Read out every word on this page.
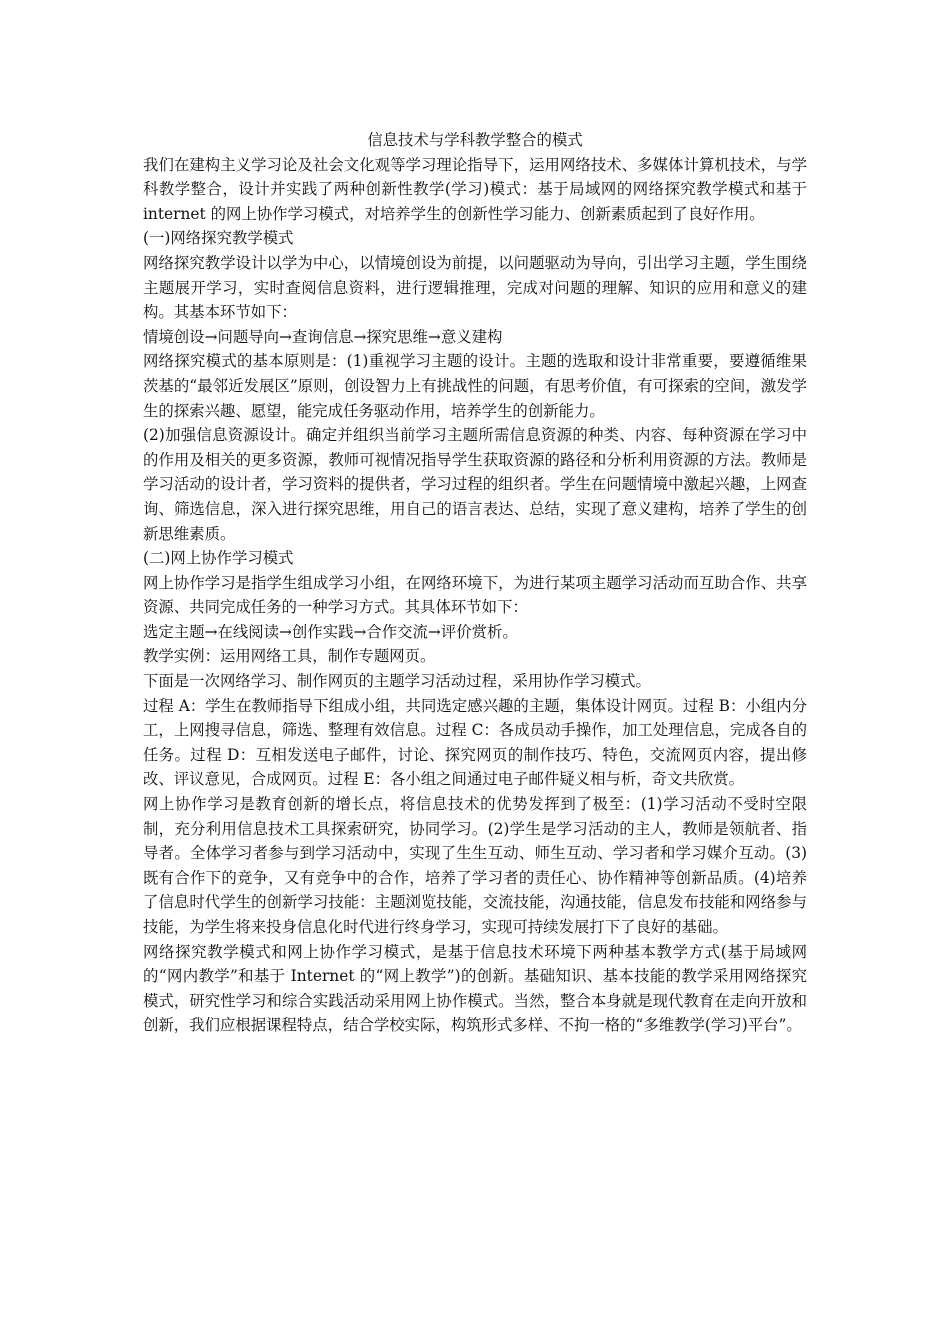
信息技术与学科教学整合的模式

我们在建构主义学习论及社会文化观等学习理论指导下，运用网络技术、多媒体计算机技术，与学科教学整合，设计并实践了两种创新性教学(学习)模式：基于局域网的网络探究教学模式和基于 internet 的网上协作学习模式，对培养学生的创新性学习能力、创新素质起到了良好作用。

(一)网络探究教学模式

网络探究教学设计以学为中心，以情境创设为前提，以问题驱动为导向，引出学习主题，学生围绕主题展开学习，实时查阅信息资料，进行逻辑推理，完成对问题的理解、知识的应用和意义的建构。其基本环节如下：

情境创设→问题导向→查询信息→探究思维→意义建构

网络探究模式的基本原则是：(1)重视学习主题的设计。主题的选取和设计非常重要，要遵循维果茨基的“最邻近发展区”原则，创设智力上有挑战性的问题，有思考价值，有可探索的空间，激发学生的探索兴趣、愿望，能完成任务驱动作用，培养学生的创新能力。

(2)加强信息资源设计。确定并组织当前学习主题所需信息资源的种类、内容、每种资源在学习中的作用及相关的更多资源，教师可视情况指导学生获取资源的路径和分析利用资源的方法。教师是学习活动的设计者，学习资料的提供者，学习过程的组织者。学生在问题情境中激起兴趣，上网查询、筛选信息，深入进行探究思维，用自己的语言表达、总结，实现了意义建构，培养了学生的创新思维素质。

(二)网上协作学习模式

网上协作学习是指学生组成学习小组，在网络环境下，为进行某项主题学习活动而互助合作、共享资源、共同完成任务的一种学习方式。其具体环节如下：

选定主题→在线阅读→创作实践→合作交流→评价赏析。

教学实例：运用网络工具，制作专题网页。

下面是一次网络学习、制作网页的主题学习活动过程，采用协作学习模式。

过程 A：学生在教师指导下组成小组，共同选定感兴趣的主题，集体设计网页。过程 B：小组内分工，上网搜寻信息，筛选、整理有效信息。过程 C：各成员动手操作，加工处理信息，完成各自的任务。过程 D：互相发送电子邮件，讨论、探究网页的制作技巧、特色，交流网页内容，提出修改、评议意见，合成网页。过程 E：各小组之间通过电子邮件疑义相与析，奇文共欣赏。

网上协作学习是教育创新的增长点，将信息技术的优势发挥到了极至：(1)学习活动不受时空限制，充分利用信息技术工具探索研究，协同学习。(2)学生是学习活动的主人，教师是领航者、指导者。全体学习者参与到学习活动中，实现了生生互动、师生互动、学习者和学习媒介互动。(3)既有合作下的竞争，又有竞争中的合作，培养了学习者的责任心、协作精神等创新品质。(4)培养了信息时代学生的创新学习技能：主题浏览技能，交流技能，沟通技能，信息发布技能和网络参与技能，为学生将来投身信息化时代进行终身学习，实现可持续发展打下了良好的基础。

网络探究教学模式和网上协作学习模式，是基于信息技术环境下两种基本教学方式(基于局域网的“网内教学”和基于 Internet 的“网上教学”)的创新。基础知识、基本技能的教学采用网络探究模式，研究性学习和综合实践活动采用网上协作模式。当然，整合本身就是现代教育在走向开放和创新，我们应根据课程特点，结合学校实际，构筑形式多样、不拘一格的“多维教学(学习)平台”。
